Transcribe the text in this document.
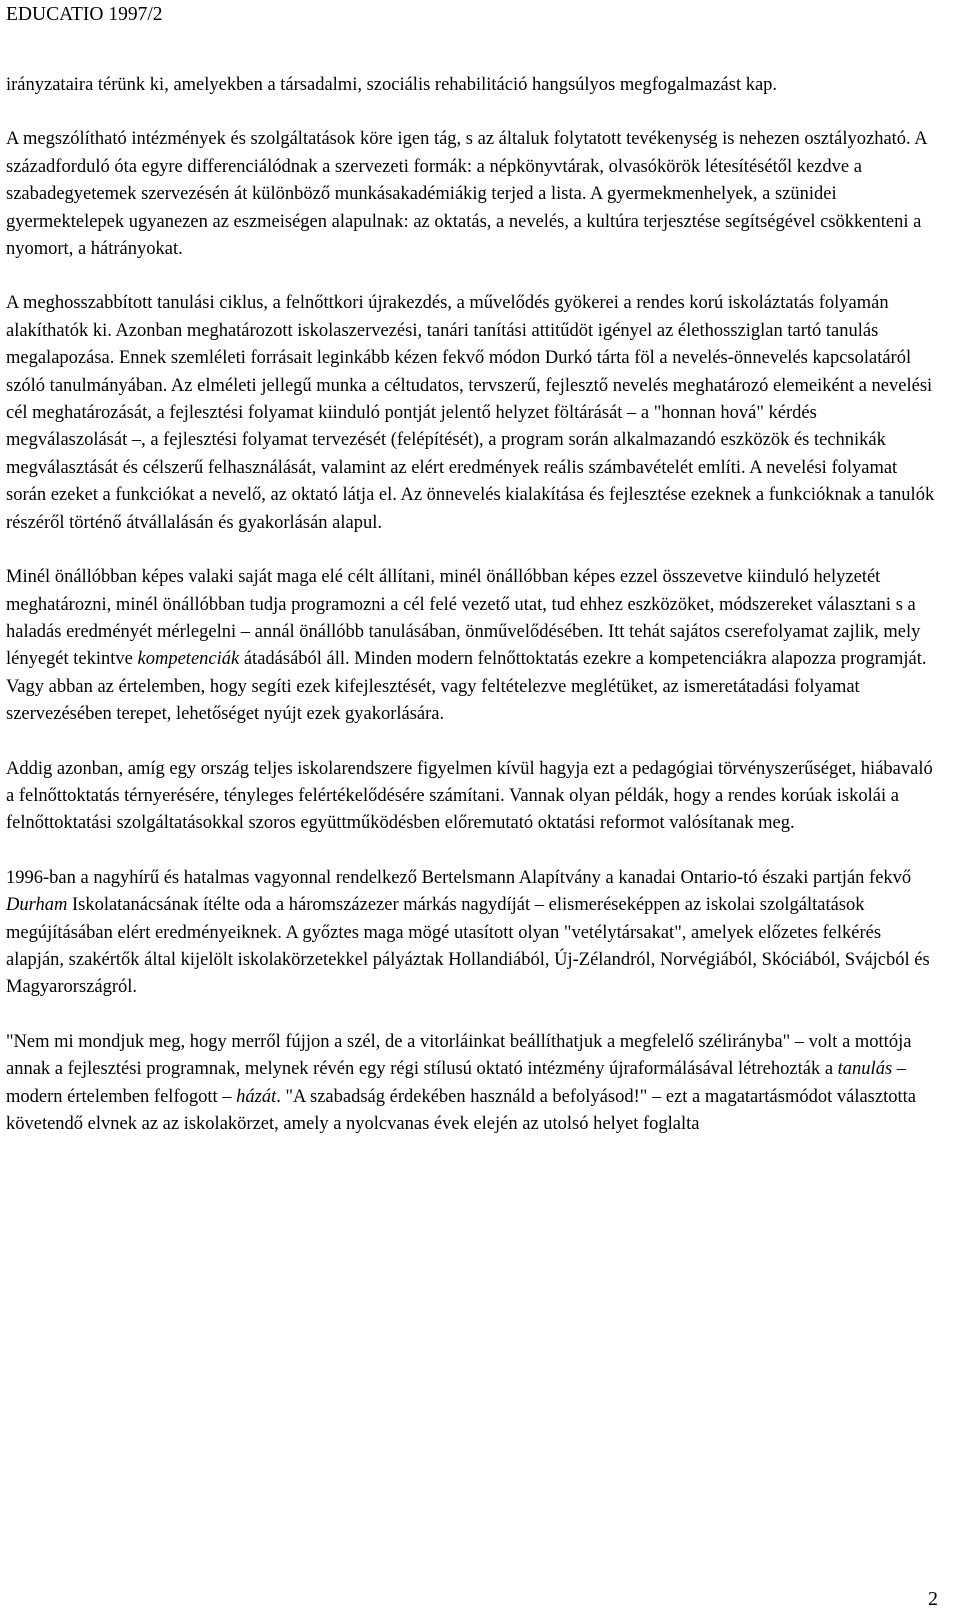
EDUCATIO 1997/2

irányzataira térünk ki, amelyekben a társadalmi, szociális rehabilitáció hangsúlyos megfogalmazást kap.

A megszólítható intézmények és szolgáltatások köre igen tág, s az általuk folytatott tevékenység is nehezen osztályozható. A századforduló óta egyre differenciálódnak a szervezeti formák: a népkönyvtárak, olvasókörök létesítésétől kezdve a szabadegyetemek szervezésén át különböző munkásakadémiákig terjed a lista. A gyermekmenhelyek, a szünidei gyermektelepek ugyanezen az eszmeiségen alapulnak: az oktatás, a nevelés, a kultúra terjesztése segítségével csökkenteni a nyomort, a hátrányokat.

A meghosszabbított tanulási ciklus, a felnőttkori újrakezdés, a művelődés gyökerei a rendes korú iskoláztatás folyamán alakíthatók ki. Azonban meghatározott iskolaszervezési, tanári tanítási attitűdöt igényel az élethossziglan tartó tanulás megalapozása. Ennek szemléleti forrásait leginkább kézen fekvő módon Durkó tárta föl a nevelés-önnevelés kapcsolatáról szóló tanulmányában. Az elméleti jellegű munka a céltudatos, tervszerű, fejlesztő nevelés meghatározó elemeiként a nevelési cél meghatározását, a fejlesztési folyamat kiinduló pontját jelentő helyzet föltárását – a "honnan hová" kérdés megválaszolását –, a fejlesztési folyamat tervezését (felépítését), a program során alkalmazandó eszközök és technikák megválasztását és célszerű felhasználását, valamint az elért eredmények reális számbavételét említi. A nevelési folyamat során ezeket a funkciókat a nevelő, az oktató látja el. Az önnevelés kialakítása és fejlesztése ezeknek a funkcióknak a tanulók részéről történő átvállalásán és gyakorlásán alapul.

Minél önállóbban képes valaki saját maga elé célt állítani, minél önállóbban képes ezzel összevetve kiinduló helyzetét meghatározni, minél önállóbban tudja programozni a cél felé vezető utat, tud ehhez eszközöket, módszereket választani s a haladás eredményét mérlegelni – annál önállóbb tanulásában, önművelődésében. Itt tehát sajátos cserefolyamat zajlik, mely lényegét tekintve kompetenciák átadásából áll. Minden modern felnőttoktatás ezekre a kompetenciákra alapozza programját. Vagy abban az értelemben, hogy segíti ezek kifejlesztését, vagy feltételezve meglétüket, az ismeretátadási folyamat szervezésében terepet, lehetőséget nyújt ezek gyakorlására.

Addig azonban, amíg egy ország teljes iskolarendszere figyelmen kívül hagyja ezt a pedagógiai törvényszerűséget, hiábavaló a felnőttoktatás térnyerésére, tényleges felértékelődésére számítani. Vannak olyan példák, hogy a rendes korúak iskolái a felnőttoktatási szolgáltatásokkal szoros együttműködésben előremutató oktatási reformot valósítanak meg.

1996-ban a nagyhírű és hatalmas vagyonnal rendelkező Bertelsmann Alapítvány a kanadai Ontario-tó északi partján fekvő Durham Iskolatanácsának ítélte oda a háromszázezer márkás nagydíját – elismeréseképpen az iskolai szolgáltatások megújításában elért eredményeiknek. A győztes maga mögé utasított olyan "vetélytársakat", amelyek előzetes felkérés alapján, szakértők által kijelölt iskolakörzetekkel pályáztak Hollandiából, Új-Zélandról, Norvégiából, Skóciából, Svájcból és Magyarországról.

"Nem mi mondjuk meg, hogy merről fújjon a szél, de a vitorláinkat beállíthatjuk a megfelelő szélirányba" – volt a mottója annak a fejlesztési programnak, melynek révén egy régi stílusú oktató intézmény újraformálásával létrehozták a tanulás – modern értelemben felfogott – házát. "A szabadság érdekében használd a befolyásod!" – ezt a magatartásmódot választotta követendő elvnek az az iskolakörzet, amely a nyolcvanas évek elején az utolsó helyet foglalta

2
